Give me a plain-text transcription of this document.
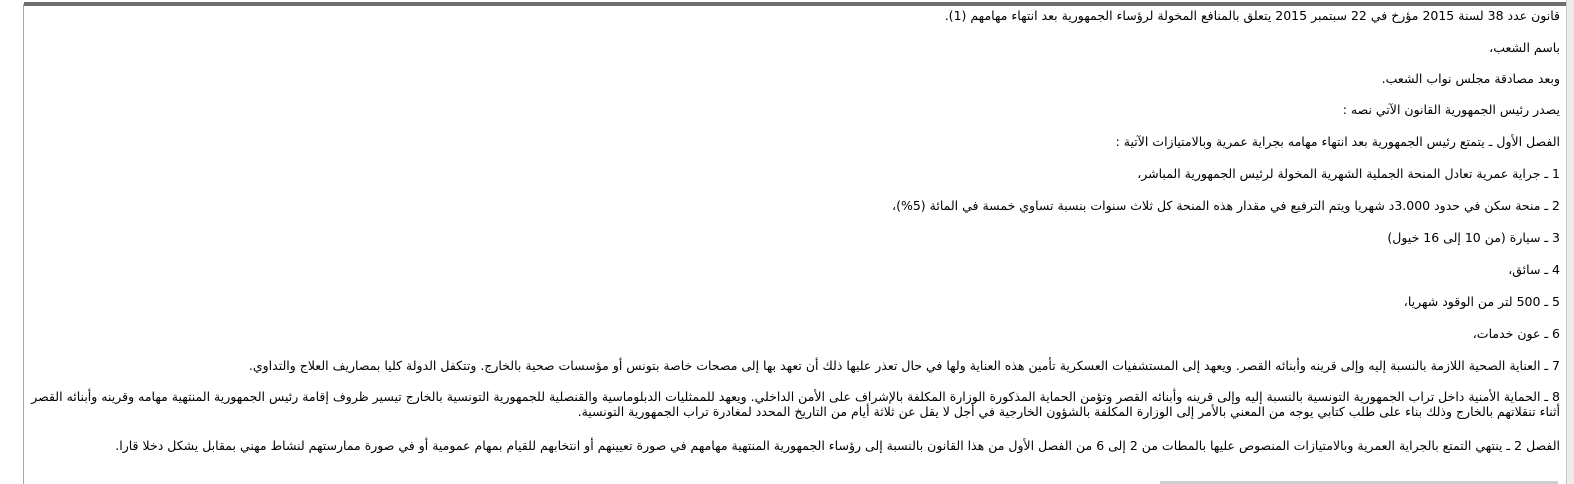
قانون عدد 38 لسنة 2015 مؤرخ في 22 سبتمبر 2015 يتعلق بالمنافع المخولة لرؤساء الجمهورية بعد انتهاء مهامهم (1).
باسم الشعب،
وبعد مصادقة مجلس نواب الشعب.
يصدر رئيس الجمهورية القانون الآتي نصه :
الفصل الأول ـ يتمتع رئيس الجمهورية بعد انتهاء مهامه بجراية عمرية وبالامتيازات الآتية :
1 ـ جراية عمرية تعادل المنحة الجملية الشهرية المخولة لرئيس الجمهورية المباشر،
2 ـ منحة سكن في حدود 3.000د شهريا ويتم الترفيع في مقدار هذه المنحة كل ثلاث سنوات بنسبة تساوي خمسة في المائة (5%)،
3 ـ سيارة (من 10 إلى 16 خيول)
4 ـ سائق،
5 ـ 500 لتر من الوقود شهريا،
6 ـ عون خدمات،
7 ـ العناية الصحية اللازمة بالنسبة إليه وإلى قرينه وأبنائه القصر. ويعهد إلى المستشفيات العسكرية تأمين هذه العناية ولها في حال تعذر عليها ذلك أن تعهد بها إلى مصحات خاصة بتونس أو مؤسسات صحية بالخارج. وتتكفل الدولة كليا بمصاريف العلاج والتداوي.
8 ـ الحماية الأمنية داخل تراب الجمهورية التونسية بالنسبة إليه وإلى قرينه وأبنائه القصر وتؤمن الحماية المذكورة الوزارة المكلفة بالإشراف على الأمن الداخلي. ويعهد للممثليات الدبلوماسية والقنصلية للجمهورية التونسية بالخارج تيسير ظروف إقامة رئيس الجمهورية المنتهية مهامه وقرينه وأبنائه القصر أثناء تنقلاتهم بالخارج وذلك بناء على طلب كتابي يوجه من المعني بالأمر إلى الوزارة المكلفة بالشؤون الخارجية في أجل لا يقل عن ثلاثة أيام من التاريخ المحدد لمغادرة تراب الجمهورية التونسية.
الفصل 2 ـ ينتهي التمتع بالجراية العمرية وبالامتيازات المنصوص عليها بالمطات من 2 إلى 6 من الفصل الأول من هذا القانون بالنسبة إلى رؤساء الجمهورية المنتهية مهامهم في صورة تعيينهم أو انتخابهم للقيام بمهام عمومية أو في صورة ممارستهم لنشاط مهني بمقابل يشكل دخلا قارا.
